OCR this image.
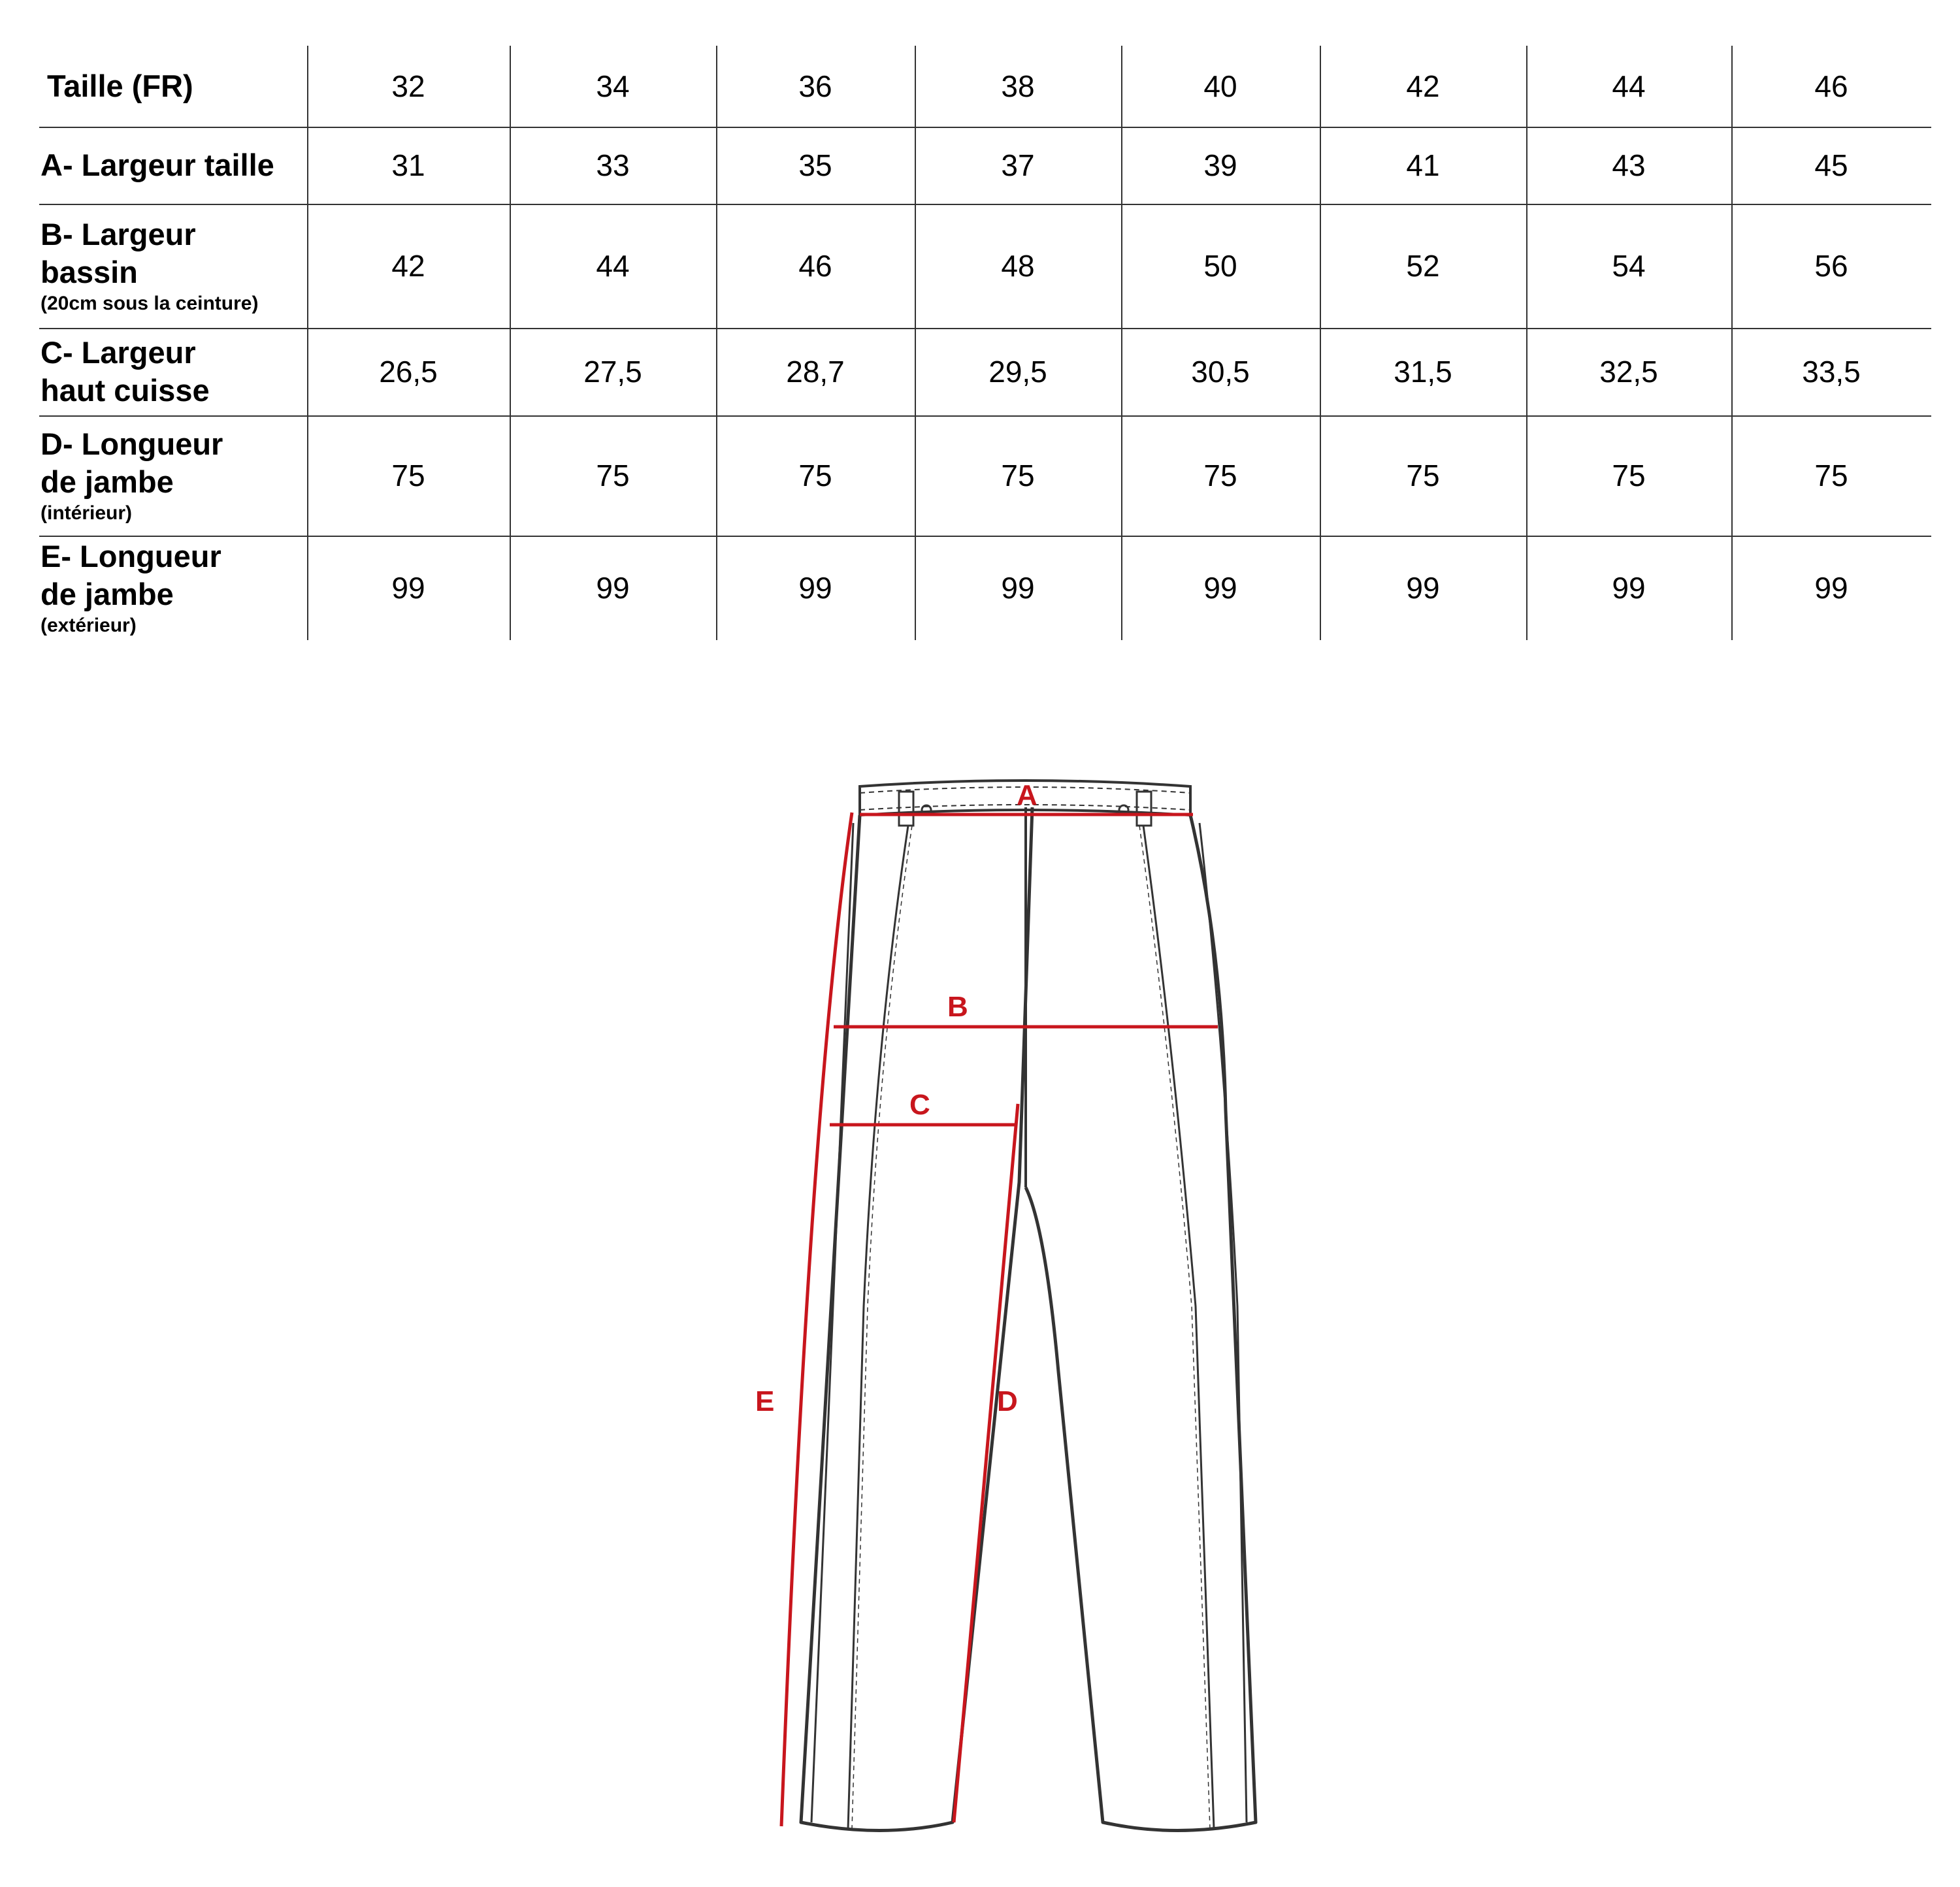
Taille (FR)	32	34	36	38	40	42	44	46
A- Largeur taille	31	33	35	37	39	41	43	45
B- Largeur
bassin
(20cm sous la ceinture)
42	44	46	48	50	52	54	56
C- Largeur
haut cuisse
26,5	27,5	28,7	29,5	30,5	31,5	32,5	33,5
D- Longueur
de jambe
(intérieur)
75	75	75	75	75	75	75	75
E- Longueur
de jambe
(extérieur)
99	99	99	99	99	99	99	99
A
B
C
D
E
